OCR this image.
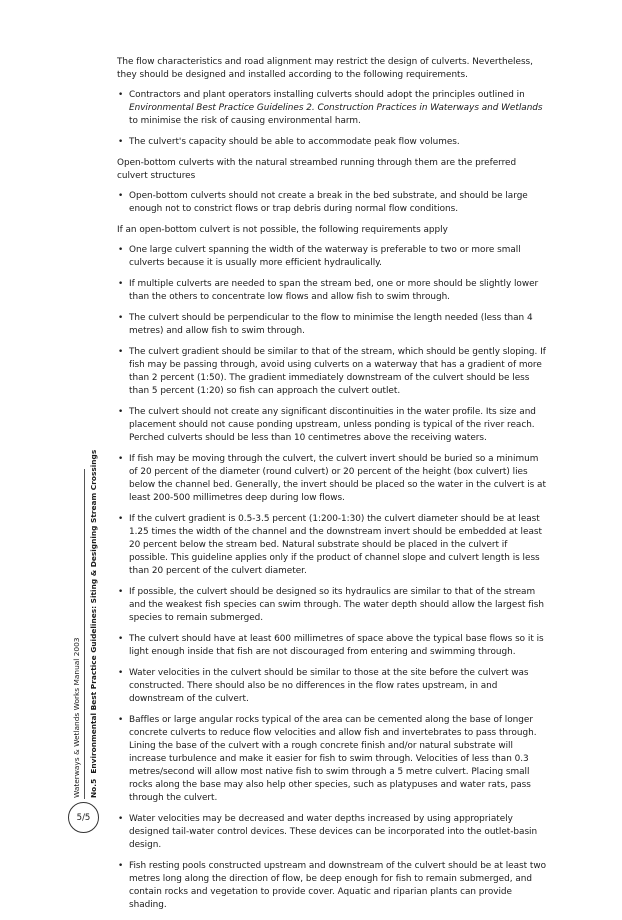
The flow characteristics and road alignment may restrict the design of culverts. Nevertheless, they should be designed and installed according to the following requirements.

• Contractors and plant operators installing culverts should adopt the principles outlined in Environmental Best Practice Guidelines 2. Construction Practices in Waterways and Wetlands to minimise the risk of causing environmental harm.
• The culvert's capacity should be able to accommodate peak flow volumes.

Open-bottom culverts with the natural streambed running through them are the preferred culvert structures

• Open-bottom culverts should not create a break in the bed substrate, and should be large enough not to constrict flows or trap debris during normal flow conditions.

If an open-bottom culvert is not possible, the following requirements apply

• One large culvert spanning the width of the waterway is preferable to two or more small culverts because it is usually more efficient hydraulically.
• If multiple culverts are needed to span the stream bed, one or more should be slightly lower than the others to concentrate low flows and allow fish to swim through.
• The culvert should be perpendicular to the flow to minimise the length needed (less than 4 metres) and allow fish to swim through.
• The culvert gradient should be similar to that of the stream, which should be gently sloping. If fish may be passing through, avoid using culverts on a waterway that has a gradient of more than 2 percent (1:50). The gradient immediately downstream of the culvert should be less than 5 percent (1:20) so fish can approach the culvert outlet.
• The culvert should not create any significant discontinuities in the water profile. Its size and placement should not cause ponding upstream, unless ponding is typical of the river reach. Perched culverts should be less than 10 centimetres above the receiving waters.
• If fish may be moving through the culvert, the culvert invert should be buried so a minimum of 20 percent of the diameter (round culvert) or 20 percent of the height (box culvert) lies below the channel bed. Generally, the invert should be placed so the water in the culvert is at least 200-500 millimetres deep during low flows.
• If the culvert gradient is 0.5-3.5 percent (1:200-1:30) the culvert diameter should be at least 1.25 times the width of the channel and the downstream invert should be embedded at least 20 percent below the stream bed. Natural substrate should be placed in the culvert if possible. This guideline applies only if the product of channel slope and culvert length is less than 20 percent of the culvert diameter.
• If possible, the culvert should be designed so its hydraulics are similar to that of the stream and the weakest fish species can swim through. The water depth should allow the largest fish species to remain submerged.
• The culvert should have at least 600 millimetres of space above the typical base flows so it is light enough inside that fish are not discouraged from entering and swimming through.
• Water velocities in the culvert should be similar to those at the site before the culvert was constructed. There should also be no differences in the flow rates upstream, in and downstream of the culvert.
• Baffles or large angular rocks typical of the area can be cemented along the base of longer concrete culverts to reduce flow velocities and allow fish and invertebrates to pass through. Lining the base of the culvert with a rough concrete finish and/or natural substrate will increase turbulence and make it easier for fish to swim through. Velocities of less than 0.3 metres/second will allow most native fish to swim through a 5 metre culvert. Placing small rocks along the base may also help other species, such as platypuses and water rats, pass through the culvert.
• Water velocities may be decreased and water depths increased by using appropriately designed tail-water control devices. These devices can be incorporated into the outlet-basin design.
• Fish resting pools constructed upstream and downstream of the culvert should be at least two metres long along the direction of flow, be deep enough for fish to remain submerged, and contain rocks and vegetation to provide cover. Aquatic and riparian plants can provide shading.
Waterways & Wetlands Works Manual 2003 No.5  Environmental Best Practice Guidelines: Siting & Designing Stream Crossings
5/5
